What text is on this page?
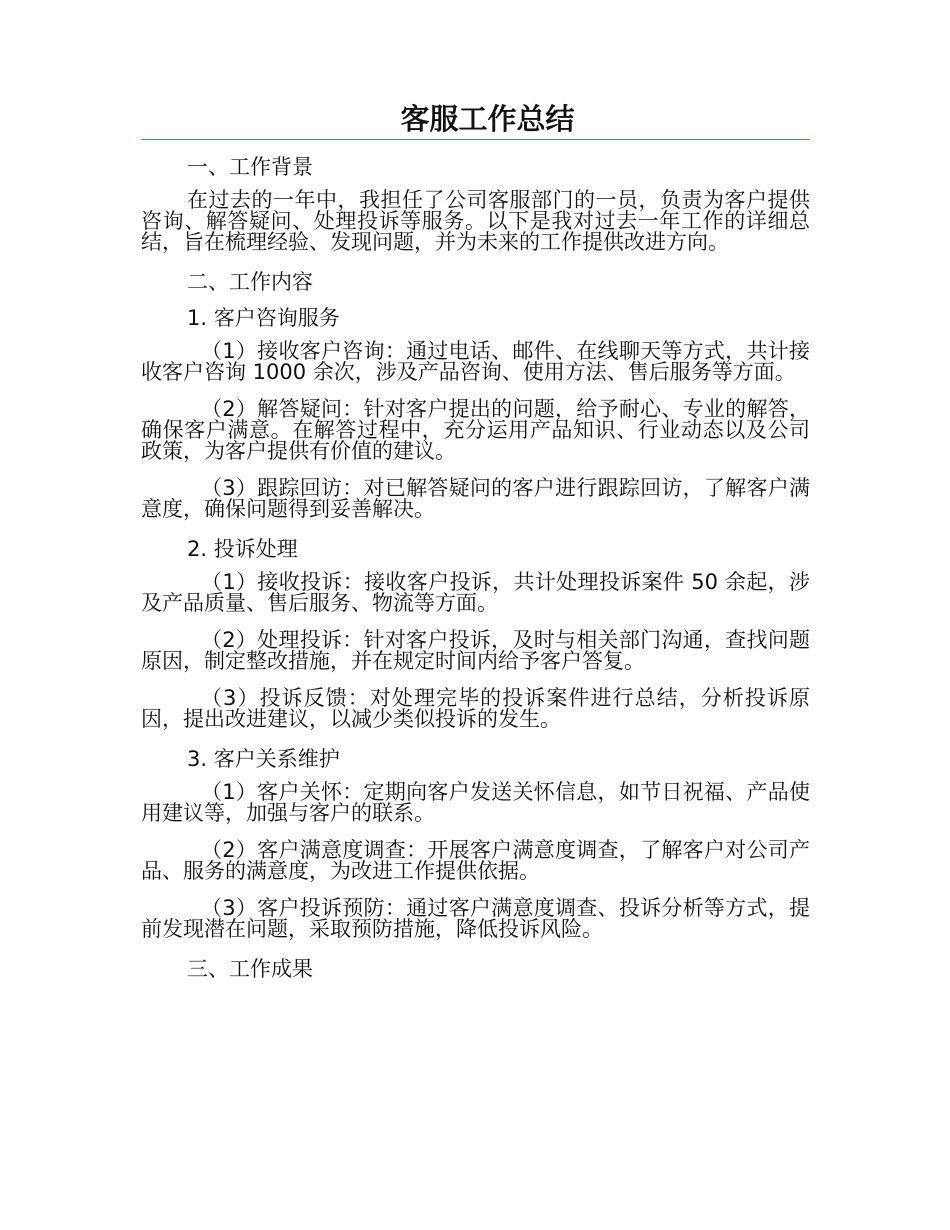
客服工作总结
一、工作背景
在过去的一年中，我担任了公司客服部门的一员，负责为客户提供咨询、解答疑问、处理投诉等服务。以下是我对过去一年工作的详细总结，旨在梳理经验、发现问题，并为未来的工作提供改进方向。
二、工作内容
1. 客户咨询服务
（1）接收客户咨询：通过电话、邮件、在线聊天等方式，共计接收客户咨询 1000 余次，涉及产品咨询、使用方法、售后服务等方面。
（2）解答疑问：针对客户提出的问题，给予耐心、专业的解答，确保客户满意。在解答过程中，充分运用产品知识、行业动态以及公司政策，为客户提供有价值的建议。
（3）跟踪回访：对已解答疑问的客户进行跟踪回访，了解客户满意度，确保问题得到妥善解决。
2. 投诉处理
（1）接收投诉：接收客户投诉，共计处理投诉案件 50 余起，涉及产品质量、售后服务、物流等方面。
（2）处理投诉：针对客户投诉，及时与相关部门沟通，查找问题原因，制定整改措施，并在规定时间内给予客户答复。
（3）投诉反馈：对处理完毕的投诉案件进行总结，分析投诉原因，提出改进建议，以减少类似投诉的发生。
3. 客户关系维护
（1）客户关怀：定期向客户发送关怀信息，如节日祝福、产品使用建议等，加强与客户的联系。
（2）客户满意度调查：开展客户满意度调查，了解客户对公司产品、服务的满意度，为改进工作提供依据。
（3）客户投诉预防：通过客户满意度调查、投诉分析等方式，提前发现潜在问题，采取预防措施，降低投诉风险。
三、工作成果
